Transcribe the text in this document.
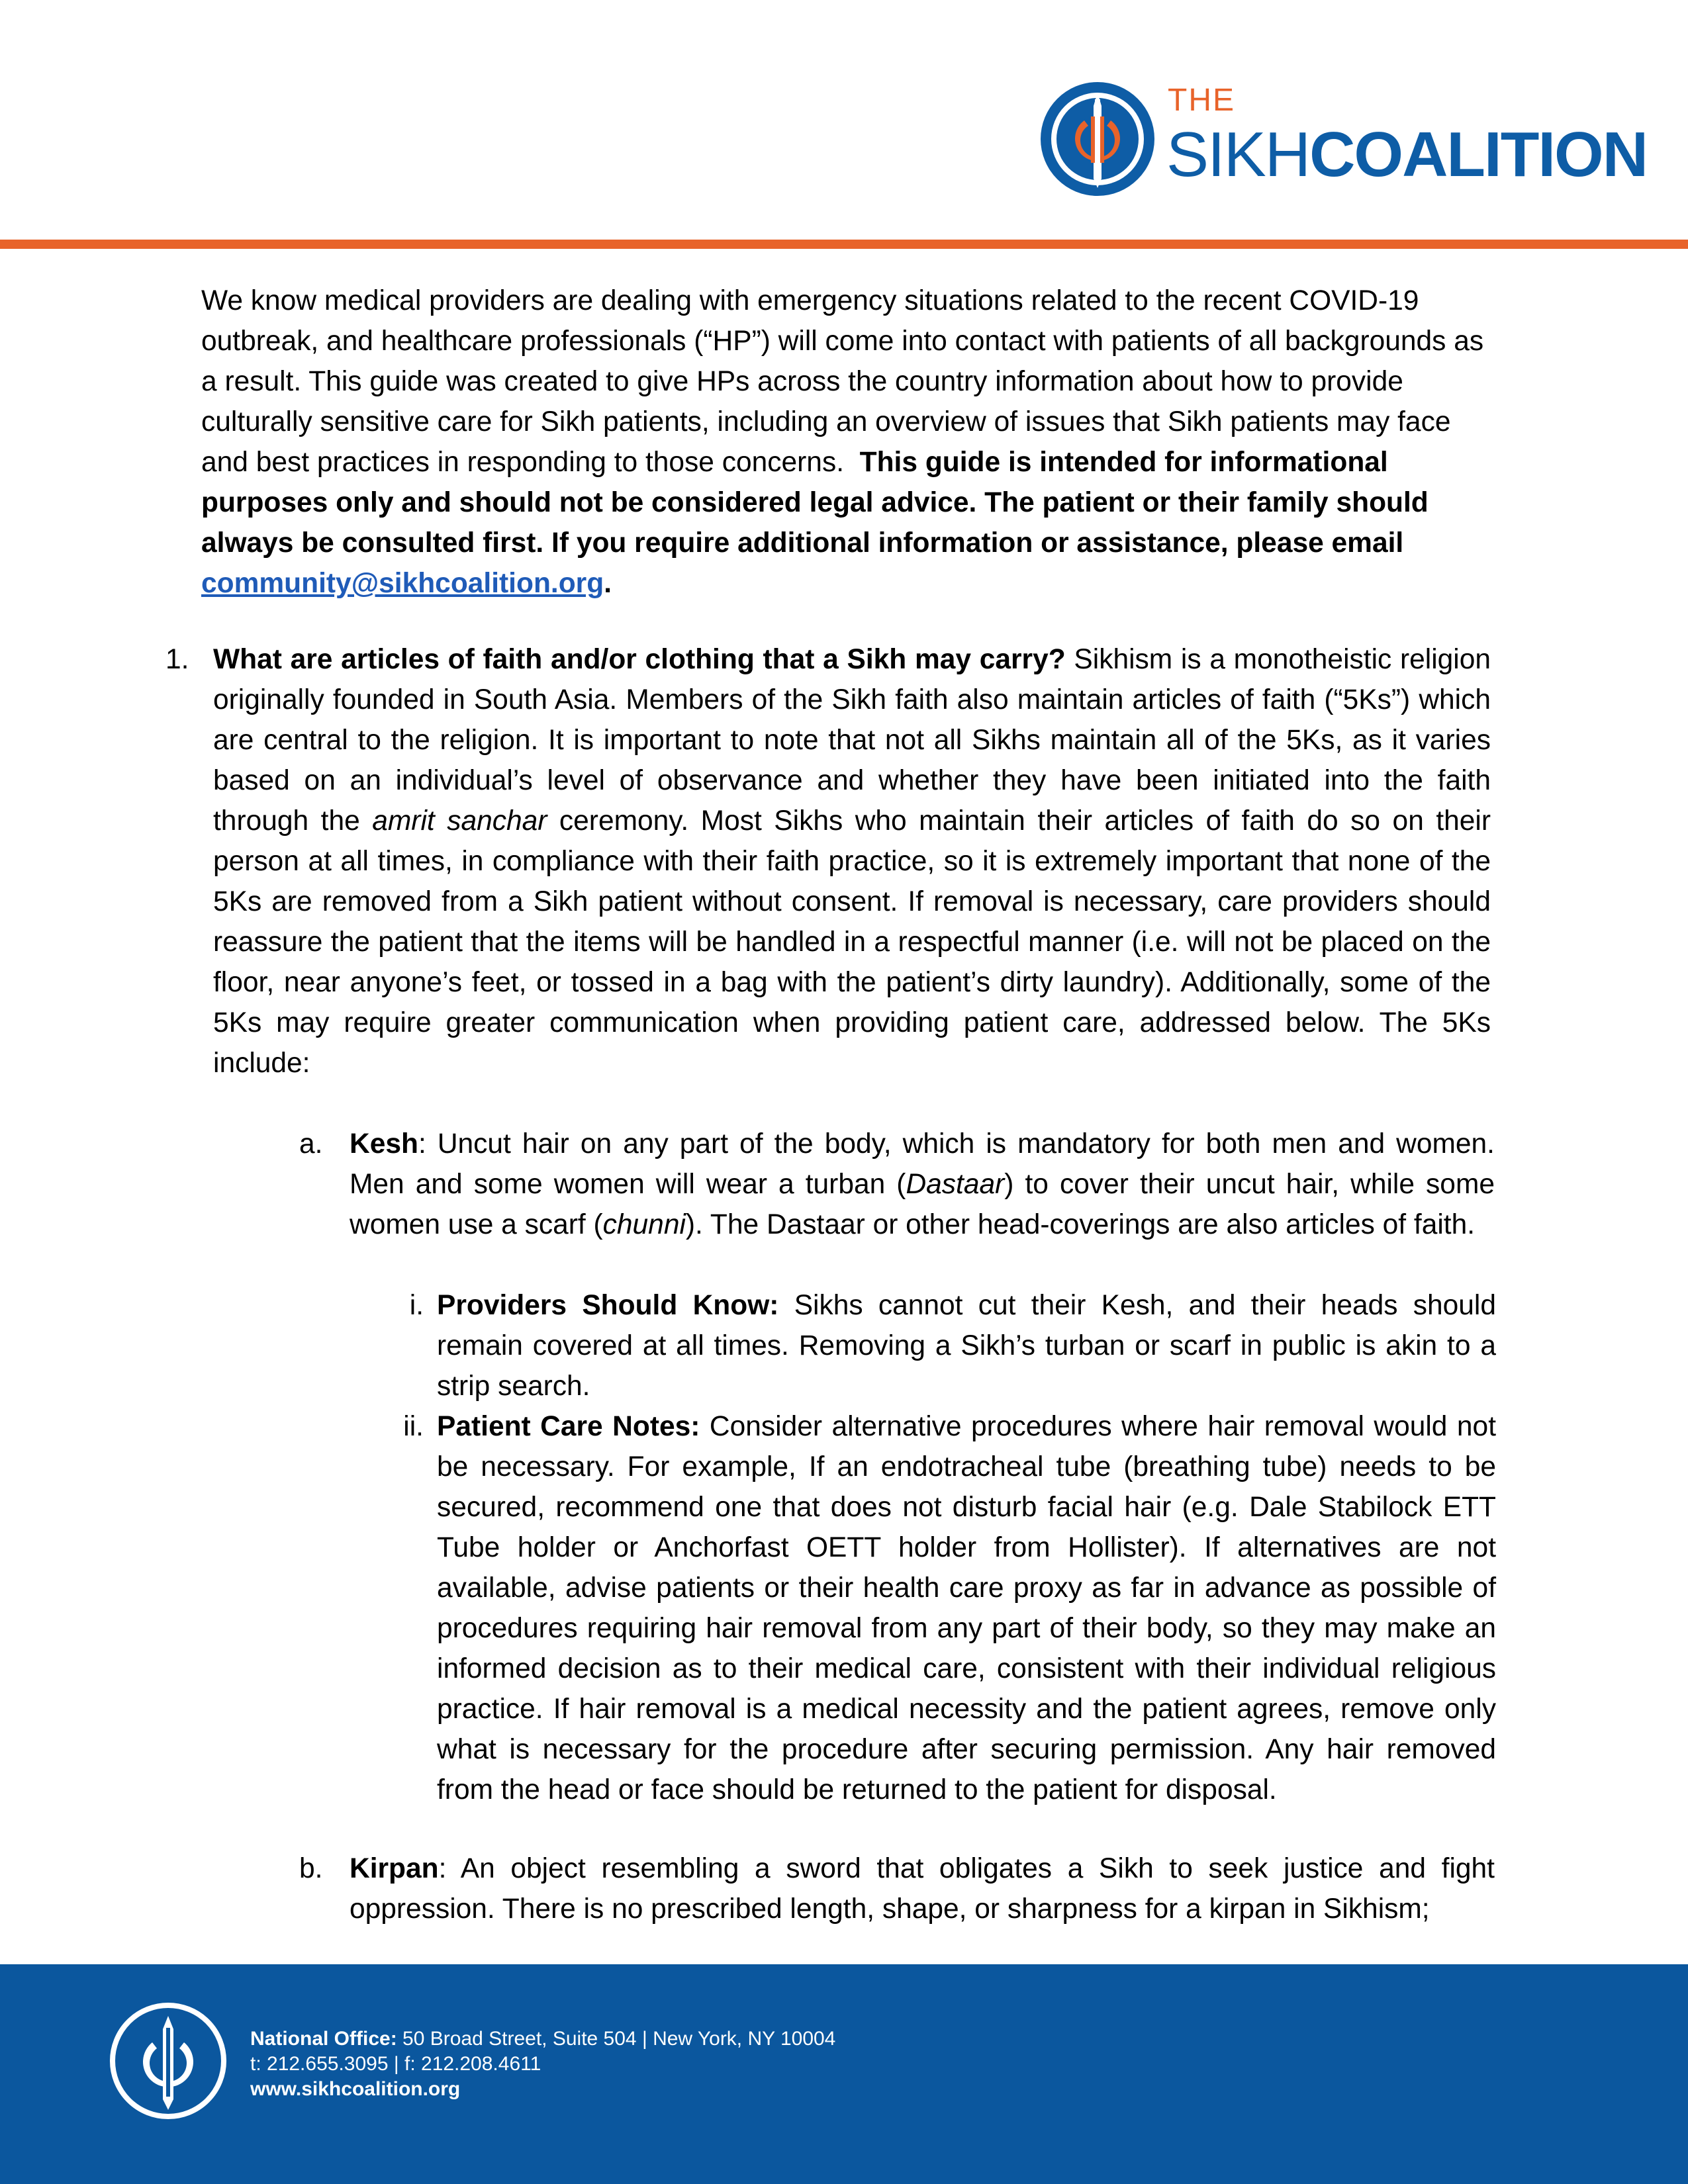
THE
SIKHCOALITION
We know medical providers are dealing with emergency situations related to the recent COVID-19 outbreak, and healthcare professionals (“HP”) will come into contact with patients of all backgrounds as a result. This guide was created to give HPs across the country information about how to provide culturally sensitive care for Sikh patients, including an overview of issues that Sikh patients may face and best practices in responding to those concerns. This guide is intended for informational purposes only and should not be considered legal advice. The patient or their family should always be consulted first. If you require additional information or assistance, please email community@sikhcoalition.org.
1. What are articles of faith and/or clothing that a Sikh may carry? Sikhism is a monotheistic religion originally founded in South Asia. Members of the Sikh faith also maintain articles of faith (“5Ks”) which are central to the religion. It is important to note that not all Sikhs maintain all of the 5Ks, as it varies based on an individual’s level of observance and whether they have been initiated into the faith through the amrit sanchar ceremony. Most Sikhs who maintain their articles of faith do so on their person at all times, in compliance with their faith practice, so it is extremely important that none of the 5Ks are removed from a Sikh patient without consent. If removal is necessary, care providers should reassure the patient that the items will be handled in a respectful manner (i.e. will not be placed on the floor, near anyone’s feet, or tossed in a bag with the patient’s dirty laundry). Additionally, some of the 5Ks may require greater communication when providing patient care, addressed below. The 5Ks include:
a. Kesh: Uncut hair on any part of the body, which is mandatory for both men and women. Men and some women will wear a turban (Dastaar) to cover their uncut hair, while some women use a scarf (chunni). The Dastaar or other head-coverings are also articles of faith.
i. Providers Should Know: Sikhs cannot cut their Kesh, and their heads should remain covered at all times. Removing a Sikh’s turban or scarf in public is akin to a strip search.
ii. Patient Care Notes: Consider alternative procedures where hair removal would not be necessary. For example, If an endotracheal tube (breathing tube) needs to be secured, recommend one that does not disturb facial hair (e.g. Dale Stabilock ETT Tube holder or Anchorfast OETT holder from Hollister). If alternatives are not available, advise patients or their health care proxy as far in advance as possible of procedures requiring hair removal from any part of their body, so they may make an informed decision as to their medical care, consistent with their individual religious practice. If hair removal is a medical necessity and the patient agrees, remove only what is necessary for the procedure after securing permission. Any hair removed from the head or face should be returned to the patient for disposal.
b. Kirpan: An object resembling a sword that obligates a Sikh to seek justice and fight oppression. There is no prescribed length, shape, or sharpness for a kirpan in Sikhism;
National Office: 50 Broad Street, Suite 504 | New York, NY 10004
t: 212.655.3095 | f: 212.208.4611
www.sikhcoalition.org
